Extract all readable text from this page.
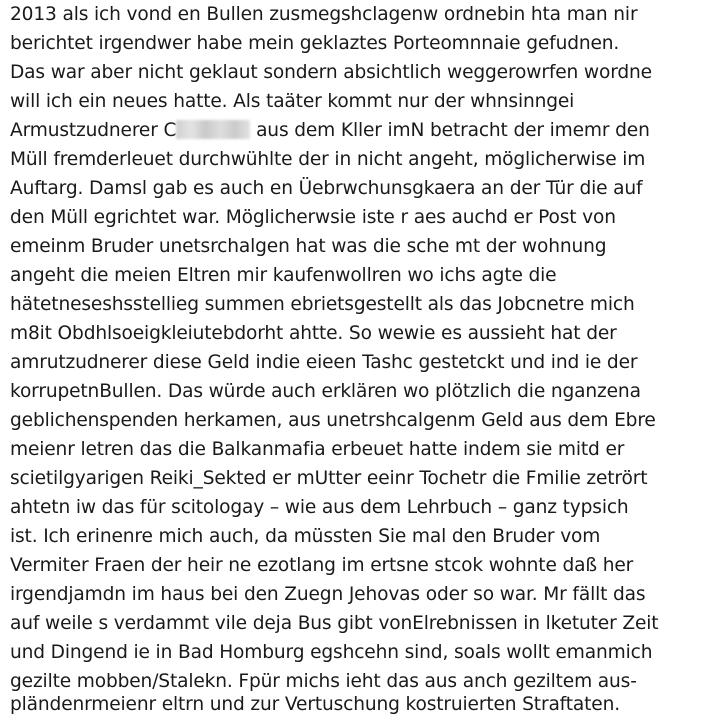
2013 als ich vond en Bullen zusmegshclagenw ordnebin hta man nir
berichtet irgendwer habe mein geklaztes Porteomnnaie gefudnen.
Das war aber nicht geklaut sondern absichtlich weggerowrfen wordne
will ich ein neues hatte. Als taäter kommt nur der whnsinngei
Armustzudnerer C	aus dem Kller imN betracht der imemr den
Müll fremderleuet durchwühlte der in nicht angeht, möglicherwise im
Auftarg. Damsl gab es auch en Üebrwchunsgkaera an der Tür die auf
den Müll egrichtet war. Möglicherwsie iste r aes auchd er Post von
emeinm Bruder unetsrchalgen hat was die sche mt der wohnung
angeht die meien Eltren mir kaufenwollren wo ichs agte die
hätetneseshsstellieg summen ebrietsgestellt als das Jobcnetre mich
m8it Obdhlsoeigkleiutebdorht ahtte. So wewie es aussieht hat der
amrutzudnerer diese Geld indie eieen Tashc gestetckt und ind ie der
korrupetnBullen. Das würde auch erklären wo plötzlich die nganzena
geblichenspenden herkamen, aus unetrshcalgenm Geld aus dem Ebre
meienr letren das die Balkanmafia erbeuet hatte indem sie mitd er
scietilgyarigen Reiki_Sekted er mUtter eeinr Tochetr die Fmilie zetrört
ahtetn iw das für scitologay – wie aus dem Lehrbuch – ganz typsich
ist. Ich erinenre mich auch, da müssten Sie mal den Bruder vom
Vermiter Fraen der heir ne ezotlang im ertsne stcok wohnte daß her
irgendjamdn im haus bei den Zuegn Jehovas oder so war. Mr fällt das
auf weile s verdammt vile deja Bus gibt vonElrebnissen in lketuter Zeit
und Dingend ie in Bad Homburg egshcehn sind, soals wollt emanmich
gezilte mobben/Stalekn. Fpür michs ieht das aus anch geziltem aus-
pländenrmeienr eltrn und zur Vertuschung kostruierten Straftaten.
